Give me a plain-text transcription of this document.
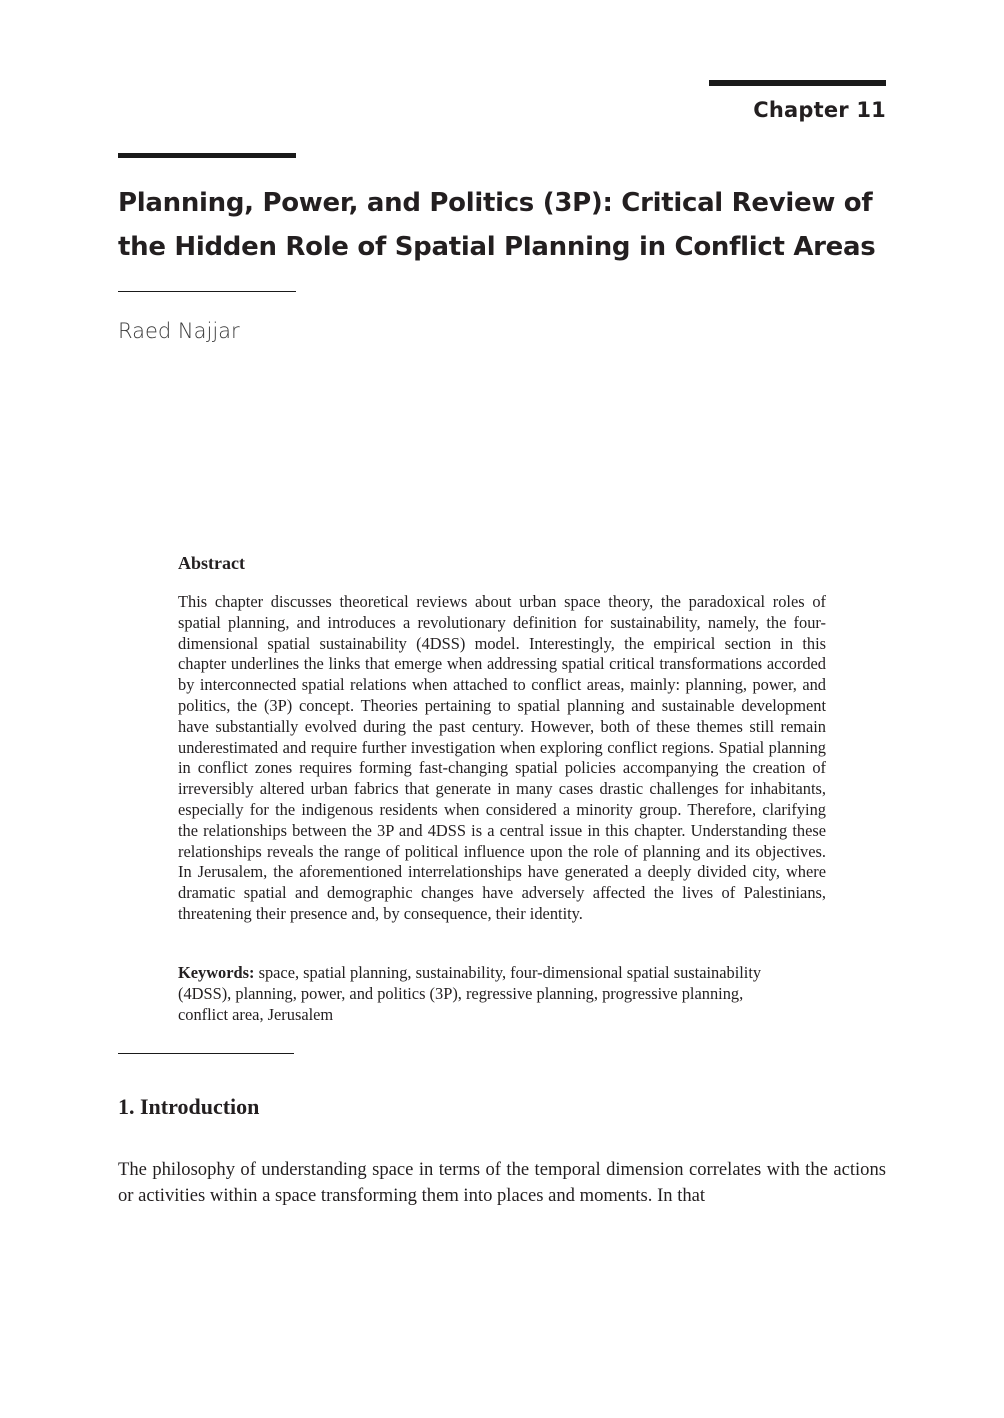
Chapter 11
Planning, Power, and Politics (3P): Critical Review of the Hidden Role of Spatial Planning in Conflict Areas
Raed Najjar
Abstract

This chapter discusses theoretical reviews about urban space theory, the paradoxical roles of spatial planning, and introduces a revolutionary definition for sustainability, namely, the four-dimensional spatial sustainability (4DSS) model. Interestingly, the empirical section in this chapter underlines the links that emerge when addressing spatial critical transformations accorded by interconnected spatial relations when attached to conflict areas, mainly: planning, power, and politics, the (3P) concept. Theories pertaining to spatial planning and sustainable development have substantially evolved during the past century. However, both of these themes still remain underestimated and require further investigation when exploring conflict regions. Spatial planning in conflict zones requires forming fast-changing spatial policies accompanying the creation of irreversibly altered urban fabrics that generate in many cases drastic challenges for inhabitants, especially for the indigenous residents when considered a minority group. Therefore, clarifying the relationships between the 3P and 4DSS is a central issue in this chapter. Understanding these relationships reveals the range of political influence upon the role of planning and its objectives. In Jerusalem, the aforementioned interrelationships have generated a deeply divided city, where dramatic spatial and demographic changes have adversely affected the lives of Palestinians, threatening their presence and, by consequence, their identity.

Keywords: space, spatial planning, sustainability, four-dimensional spatial sustainability (4DSS), planning, power, and politics (3P), regressive planning, progressive planning, conflict area, Jerusalem

1. Introduction

The philosophy of understanding space in terms of the temporal dimension correlates with the actions or activities within a space transforming them into places and moments. In that
